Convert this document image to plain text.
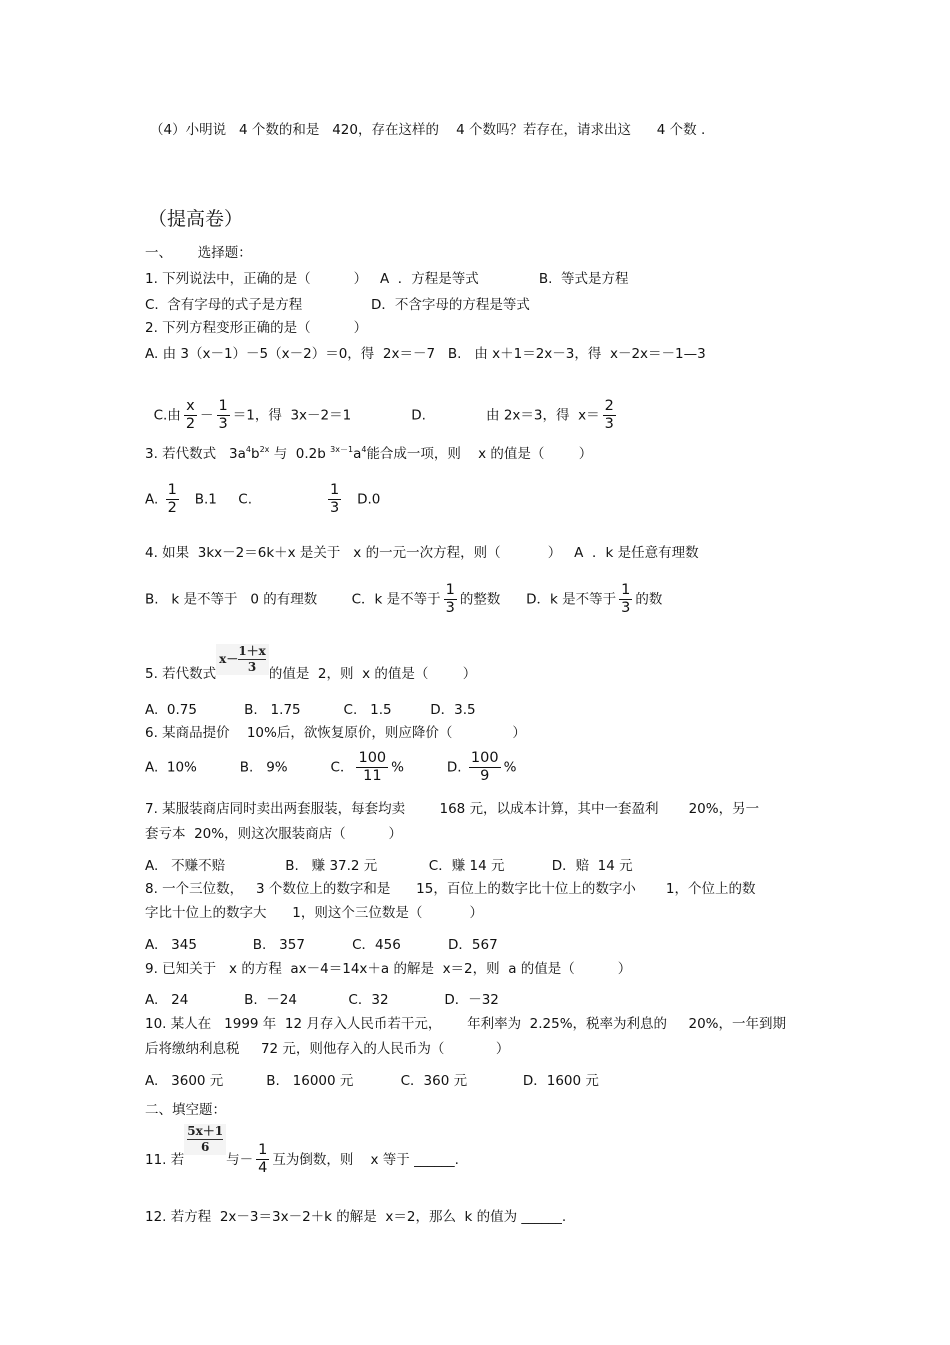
（4）小明说   4 个数的和是   420，存在这样的    4 个数吗？若存在，请求出这      4 个数 .
（提高卷）
一、      选择题：
1. 下列说法中，正确的是（          ）   A  ．方程是等式              B.  等式是方程
C.  含有字母的式子是方程                D．不含字母的方程是等式
2. 下列方程变形正确的是（          ）
A. 由 3（x－1）－5（x－2）＝0，得  2x＝－7   B.   由 x＋1＝2x－3，得  x－2x＝－1—3

C.由 $\frac{x}{2} - \frac{1}{3} =1$，得  3x－2＝1              D.              由 2x＝3，得  $x= \frac{2}{3}$

3. 若代数式   $3a^4b^{2x}$ 与  0.2b $^{3x-1}a^4$能合成一项，则    x 的值是（        ）
A. $\frac{1}{2} B.1$     C. $\frac{1}{3} D.0$
4. 如果  3kx－2＝6k＋x 是关于   x 的一元一次方程，则（           ）   A  ．k 是任意有理数
B.   k 是不等于   0 的有理数        C．k 是不等于 $\frac{1}{3}$ 的整数      D．k 是不等于 $\frac{1}{3}$ 的数
5. 若代数式
x－
1＋x
3 的值是  2，则  x 的值是（        ）
A.  0.75           B.   1.75          C.   1.5         D．3.5
6. 某商品提价    10%后，欲恢复原价，则应降价（              ）
A.  10%          B.   9%          C． $\frac{100}{11}$ %          D. $\frac{100}{9}$ %
7. 某服装商店同时卖出两套服装，每套均卖        168 元，以成本计算，其中一套盈利       20%，另一
套亏本  20%，则这次服装商店（          ）
A.   不赚不赔              B.   赚 37.2 元            C．赚 14 元           D．赔  14 元
8. 一个三位数，   3 个数位上的数字和是      15，百位上的数字比十位上的数字小       1，个位上的数
字比十位上的数字大      1，则这个三位数是（           ）
A.   345             B.   357           C．456           D．567
9. 已知关于   x 的方程  ax－4＝14x＋a 的解是  x＝2，则  a 的值是（          ）
A.   24             B.  －24            C．32             D．－32
10. 某人在   1999 年  12 月存入人民币若干元，      年利率为  2.25%，税率为利息的     20%，一年到期
后将缴纳利息税     72 元，则他存入的人民币为（            ）
A.   3600 元          B.   16000 元           C．360 元             D．1600 元
二、填空题：
11. 若
$\frac{5x+1}{6}$
与－ $\frac{1}{4}$ 互为倒数，则    x 等于 ______.
12. 若方程  2x－3＝3x－2＋k 的解是  x＝2，那么  k 的值为 ______.
